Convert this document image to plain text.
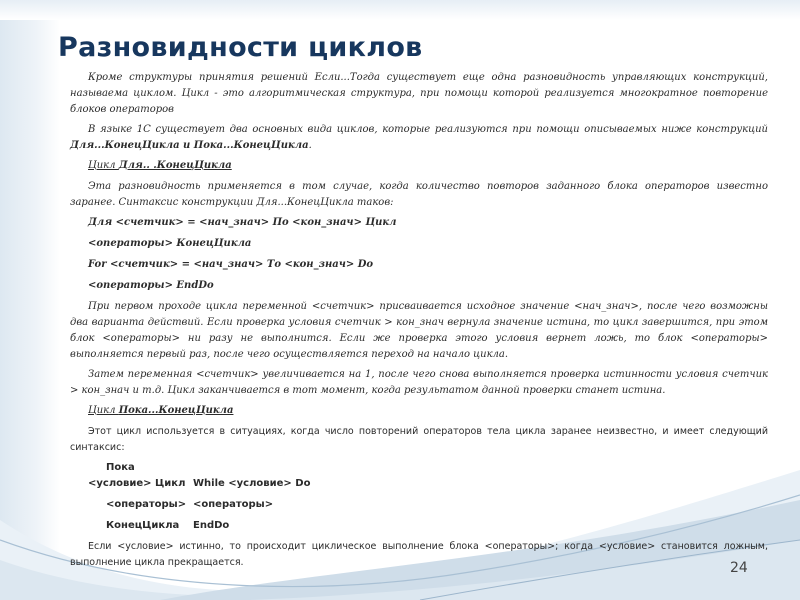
Разновидности циклов

Кроме структуры принятия решений Если...Тогда существует еще одна разновидность управляющих конструкций, называема циклом. Цикл - это алгоритмическая структура, при помощи которой реализуется многократное повторение блоков операторов

В языке 1С существует два основных вида циклов, которые реализуются при помощи описываемых ниже конструкций Для...КонецЦикла и Пока...КонецЦикла.

Цикл Для.. .КонецЦикла

Эта разновидность применяется в том случае, когда количество повторов заданного блока операторов известно заранее. Синтаксис конструкции Для...КонецЦикла таков:

Для <счетчик> = <нач_знач> По <кон_знач> Цикл

<операторы> КонецЦикла

For <счетчик> = <нач_знач> То <кон_знач> Do

<операторы> EndDo

При первом проходе цикла переменной <счетчик> присваивается исходное значение <нач_знач>, после чего возможны два варианта действий. Если проверка условия счетчик > кон_знач вернула значение истина, то цикл завершится, при этом блок <операторы> ни разу не выполнится. Если же проверка этого условия вернет ложь, то блок <операторы> выполняется первый раз, после чего осуществляется переход на начало цикла.

Затем переменная <счетчик> увеличивается на 1, после чего снова выполняется проверка истинности условия счетчик > кон_знач и т.д. Цикл заканчивается в тот момент, когда результатом данной проверки станет истина.

Цикл Пока...КонецЦикла

Этот цикл используется в ситуациях, когда число повторений операторов тела цикла заранее неизвестно, и имеет следующий синтаксис:

Пока <условие> Цикл While <условие> Do

<операторы> <операторы>

КонецЦикла EndDo

Если <условие> истинно, то происходит циклическое выполнение блока <операторы>; когда <условие> становится ложным, выполнение цикла прекращается.	24
